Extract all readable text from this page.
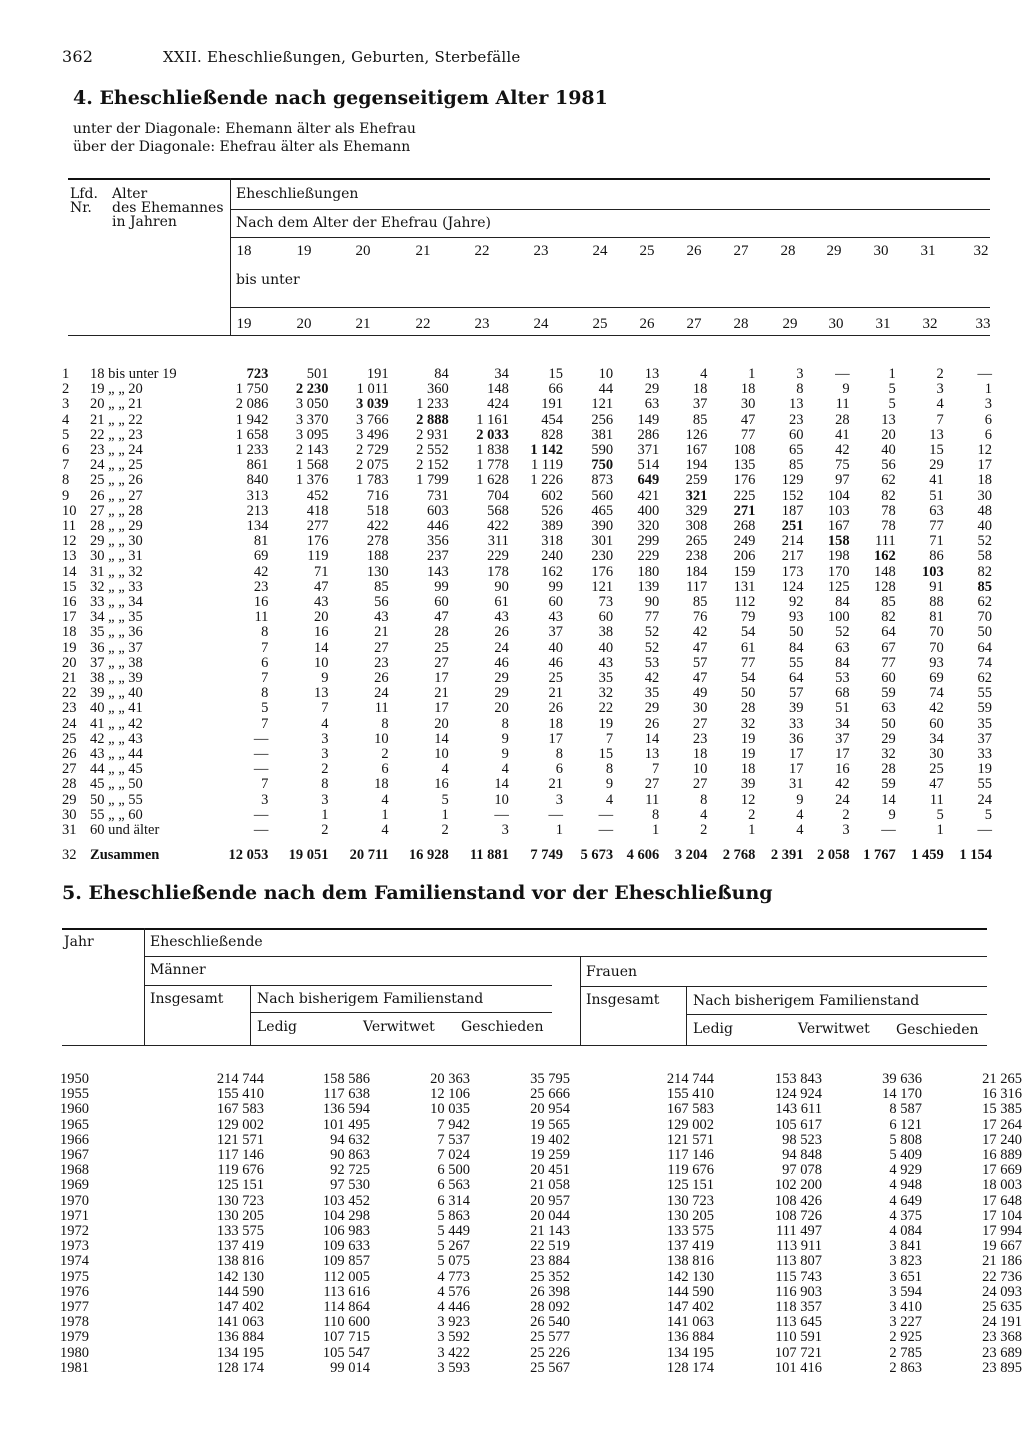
362	XXII. Eheschließungen, Geburten, Sterbefälle
4. Eheschließende nach gegenseitigem Alter 1981
unter der Diagonale: Ehemann älter als Ehefrau
über der Diagonale: Ehefrau älter als Ehemann
Lfd.
Nr.
Alter
des Ehemannes
in Jahren
Eheschließungen
Nach dem Alter der Ehefrau (Jahre)
bis unter
18	19	20	21	22	23	24	25	26	27	28	29	30	31	32
19	20	21	22	23	24	25	26	27	28	29	30	31	32	33
1	18 bis unter 19	723	501	191	84	34	15	10	13	4	1	3	—	1	2	—
2	19 „ „ 20	1 750	2 230	1 011	360	148	66	44	29	18	18	8	9	5	3	1
3	20 „ „ 21	2 086	3 050	3 039	1 233	424	191	121	63	37	30	13	11	5	4	3
4	21 „ „ 22	1 942	3 370	3 766	2 888	1 161	454	256	149	85	47	23	28	13	7	6
5	22 „ „ 23	1 658	3 095	3 496	2 931	2 033	828	381	286	126	77	60	41	20	13	6
6	23 „ „ 24	1 233	2 143	2 729	2 552	1 838	1 142	590	371	167	108	65	42	40	15	12
7	24 „ „ 25	861	1 568	2 075	2 152	1 778	1 119	750	514	194	135	85	75	56	29	17
8	25 „ „ 26	840	1 376	1 783	1 799	1 628	1 226	873	649	259	176	129	97	62	41	18
9	26 „ „ 27	313	452	716	731	704	602	560	421	321	225	152	104	82	51	30
10	27 „ „ 28	213	418	518	603	568	526	465	400	329	271	187	103	78	63	48
11	28 „ „ 29	134	277	422	446	422	389	390	320	308	268	251	167	78	77	40
12	29 „ „ 30	81	176	278	356	311	318	301	299	265	249	214	158	111	71	52
13	30 „ „ 31	69	119	188	237	229	240	230	229	238	206	217	198	162	86	58
14	31 „ „ 32	42	71	130	143	178	162	176	180	184	159	173	170	148	103	82
15	32 „ „ 33	23	47	85	99	90	99	121	139	117	131	124	125	128	91	85
16	33 „ „ 34	16	43	56	60	61	60	73	90	85	112	92	84	85	88	62
17	34 „ „ 35	11	20	43	47	43	43	60	77	76	79	93	100	82	81	70
18	35 „ „ 36	8	16	21	28	26	37	38	52	42	54	50	52	64	70	50
19	36 „ „ 37	7	14	27	25	24	40	40	52	47	61	84	63	67	70	64
20	37 „ „ 38	6	10	23	27	46	46	43	53	57	77	55	84	77	93	74
21	38 „ „ 39	7	9	26	17	29	25	35	42	47	54	64	53	60	69	62
22	39 „ „ 40	8	13	24	21	29	21	32	35	49	50	57	68	59	74	55
23	40 „ „ 41	5	7	11	17	20	26	22	29	30	28	39	51	63	42	59
24	41 „ „ 42	7	4	8	20	8	18	19	26	27	32	33	34	50	60	35
25	42 „ „ 43	—	3	10	14	9	17	7	14	23	19	36	37	29	34	37
26	43 „ „ 44	—	3	2	10	9	8	15	13	18	19	17	17	32	30	33
27	44 „ „ 45	—	2	6	4	4	6	8	7	10	18	17	16	28	25	19
28	45 „ „ 50	7	8	18	16	14	21	9	27	27	39	31	42	59	47	55
29	50 „ „ 55	3	3	4	5	10	3	4	11	8	12	9	24	14	11	24
30	55 „ „ 60	—	1	1	1	—	—	—	8	4	2	4	2	9	5	5
31	60 und älter	—	2	4	2	3	1	—	1	2	1	4	3	—	1	—

32	Zusammen	12 053	19 051	20 711	16 928	11 881	7 749	5 673	4 606	3 204	2 768	2 391	2 058	1 767	1 459	1 154
5. Eheschließende nach dem Familienstand vor der Eheschließung
Jahr	Eheschließende
Männer	Frauen
Insgesamt Nach bisherigem Familienstand	Insgesamt Nach bisherigem Familienstand
Ledig	Verwitwet Geschieden	Ledig	Verwitwet Geschieden
1950	214 744	158 586	20 363	35 795	214 744	153 843	39 636	21 265
1955	155 410	117 638	12 106	25 666	155 410	124 924	14 170	16 316
1960	167 583	136 594	10 035	20 954	167 583	143 611	8 587	15 385
1965	129 002	101 495	7 942	19 565	129 002	105 617	6 121	17 264
1966	121 571	94 632	7 537	19 402	121 571	98 523	5 808	17 240
1967	117 146	90 863	7 024	19 259	117 146	94 848	5 409	16 889
1968	119 676	92 725	6 500	20 451	119 676	97 078	4 929	17 669
1969	125 151	97 530	6 563	21 058	125 151	102 200	4 948	18 003
1970	130 723	103 452	6 314	20 957	130 723	108 426	4 649	17 648
1971	130 205	104 298	5 863	20 044	130 205	108 726	4 375	17 104
1972	133 575	106 983	5 449	21 143	133 575	111 497	4 084	17 994
1973	137 419	109 633	5 267	22 519	137 419	113 911	3 841	19 667
1974	138 816	109 857	5 075	23 884	138 816	113 807	3 823	21 186
1975	142 130	112 005	4 773	25 352	142 130	115 743	3 651	22 736
1976	144 590	113 616	4 576	26 398	144 590	116 903	3 594	24 093
1977	147 402	114 864	4 446	28 092	147 402	118 357	3 410	25 635
1978	141 063	110 600	3 923	26 540	141 063	113 645	3 227	24 191
1979	136 884	107 715	3 592	25 577	136 884	110 591	2 925	23 368
1980	134 195	105 547	3 422	25 226	134 195	107 721	2 785	23 689
1981	128 174	99 014	3 593	25 567	128 174	101 416	2 863	23 895
